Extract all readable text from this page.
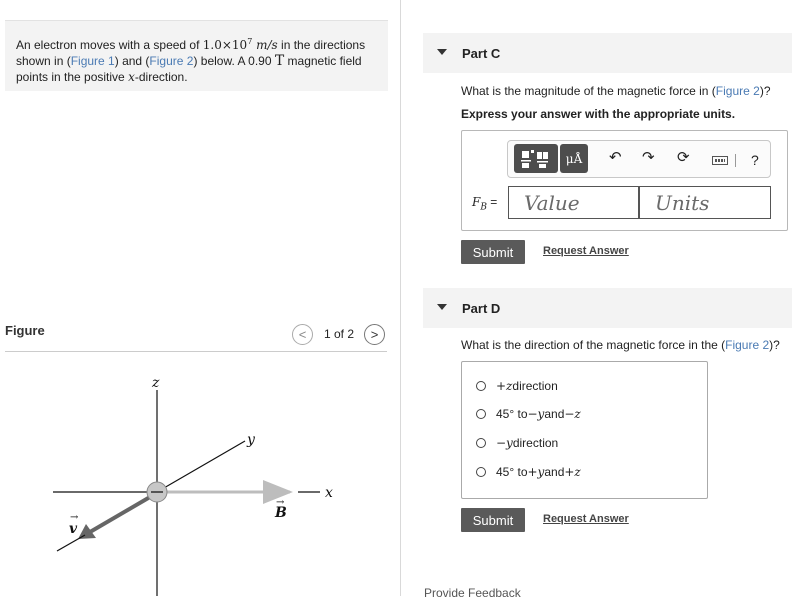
An electron moves with a speed of $1.0\times 10^7$ m/s in the directions shown in (Figure 1) and (Figure 2) below. A 0.90 T magnetic field points in the positive x-direction.
Figure	<	1 of 2	>
z
y
x
→
v
→
B
Part C
What is the magnitude of the magnetic force in (Figure 2)?
Express your answer with the appropriate units.
μÅ	↶ ↷ ⟳	?
$F_B$ =
Value
Units
Submit	Request Answer
Part D
What is the direction of the magnetic force in the (Figure 2)?
+z direction
45° to −y and −z
−y direction
45° to +y and +z
Submit	Request Answer
Provide Feedback
